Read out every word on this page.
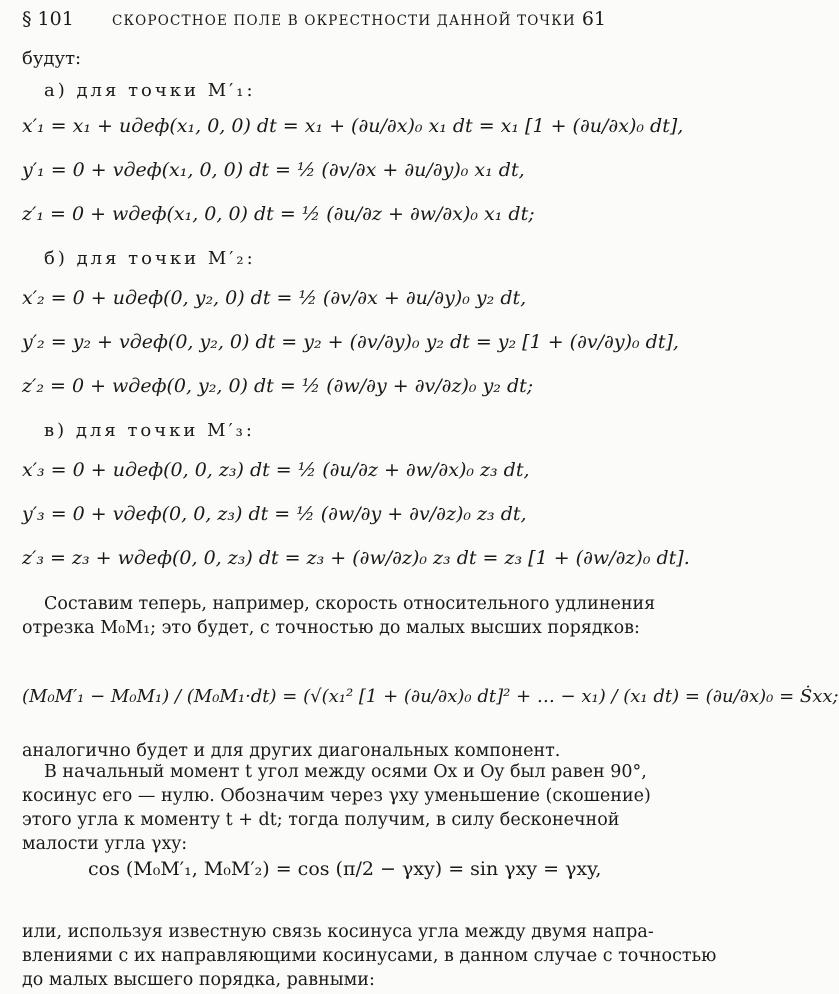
§ 101	СКОРОСТНОЕ ПОЛЕ В ОКРЕСТНОСТИ ДАННОЙ ТОЧКИ 61
будут:
а) для точки M′₁:
x′₁ = x₁ + uдеф(x₁, 0, 0) dt = x₁ + (∂u/∂x)₀ x₁ dt = x₁ [1 + (∂u/∂x)₀ dt],
y′₁ = 0 + vдеф(x₁, 0, 0) dt = ½ (∂v/∂x + ∂u/∂y)₀ x₁ dt,
z′₁ = 0 + wдеф(x₁, 0, 0) dt = ½ (∂u/∂z + ∂w/∂x)₀ x₁ dt;
б) для точки M′₂:
x′₂ = 0 + uдеф(0, y₂, 0) dt = ½ (∂v/∂x + ∂u/∂y)₀ y₂ dt,
y′₂ = y₂ + vдеф(0, y₂, 0) dt = y₂ + (∂v/∂y)₀ y₂ dt = y₂ [1 + (∂v/∂y)₀ dt],
z′₂ = 0 + wдеф(0, y₂, 0) dt = ½ (∂w/∂y + ∂v/∂z)₀ y₂ dt;
в) для точки M′₃:
x′₃ = 0 + uдеф(0, 0, z₃) dt = ½ (∂u/∂z + ∂w/∂x)₀ z₃ dt,
y′₃ = 0 + vдеф(0, 0, z₃) dt = ½ (∂w/∂y + ∂v/∂z)₀ z₃ dt,
z′₃ = z₃ + wдеф(0, 0, z₃) dt = z₃ + (∂w/∂z)₀ z₃ dt = z₃ [1 + (∂w/∂z)₀ dt].
Составим теперь, например, скорость относительного удлинения
отрезка M₀M₁; это будет, с точностью до малых высших порядков:
(M₀M′₁ − M₀M₁) / (M₀M₁·dt) = (√(x₁² [1 + (∂u/∂x)₀ dt]² + … − x₁) / (x₁ dt) = (∂u/∂x)₀ = Ṡxx;
аналогично будет и для других диагональных компонент.
В начальный момент t угол между осями Ox и Oy был равен 90°,
косинус его — нулю. Обозначим через γxy уменьшение (скошение)
этого угла к моменту t + dt; тогда получим, в силу бесконечной
малости угла γxy:
cos (M₀M′₁, M₀M′₂) = cos (π/2 − γxy) = sin γxy = γxy,
или, используя известную связь косинуса угла между двумя напра-
влениями с их направляющими косинусами, в данном случае с точностью
до малых высшего порядка, равными:
